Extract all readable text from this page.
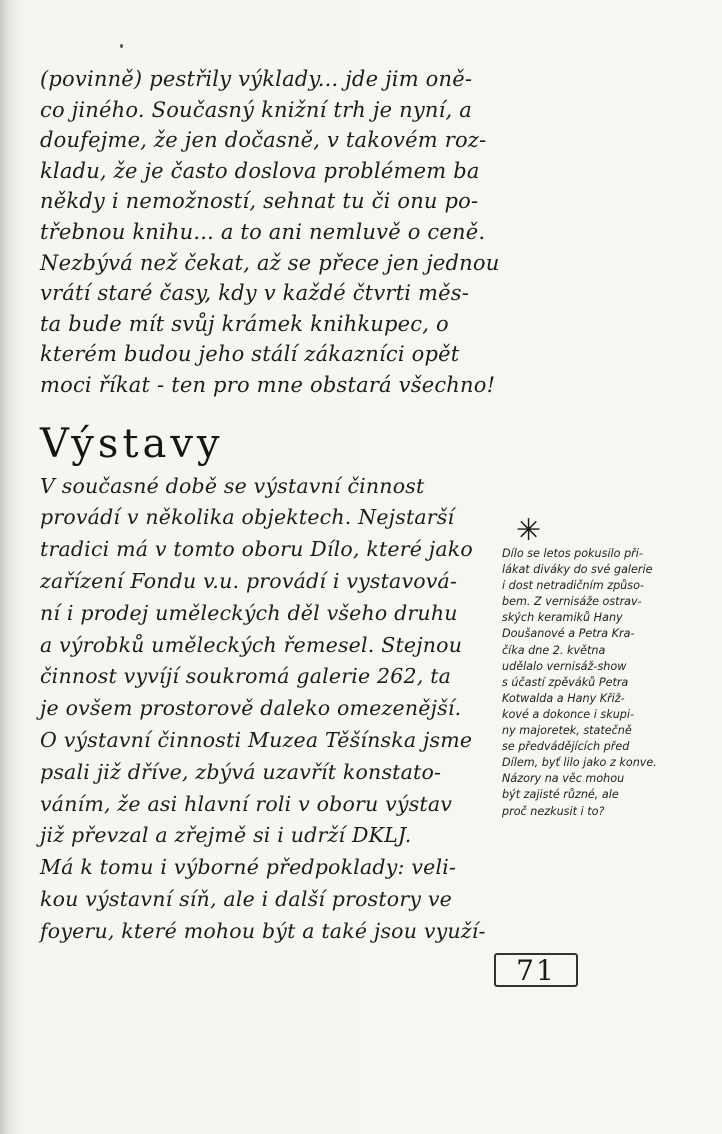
(povinně) pestřily výklady... jde jim oně-
co jiného. Současný knižní trh je nyní, a
doufejme, že jen dočasně, v takovém roz-
kladu, že je často doslova problémem ba
někdy i nemožností, sehnat tu či onu po-
třebnou knihu... a to ani nemluvě o ceně.
Nezbývá než čekat, až se přece jen jednou
vrátí staré časy, kdy v každé čtvrti měs-
ta bude mít svůj krámek knihkupec, o
kterém budou jeho stálí zákazníci opět
moci říkat - ten pro mne obstará všechno!
Výstavy
V současné době se výstavní činnost
provádí v několika objektech. Nejstarší
tradici má v tomto oboru Dílo, které jako
zařízení Fondu v.u. provádí i vystavová-
ní i prodej uměleckých děl všeho druhu
a výrobků uměleckých řemesel. Stejnou
činnost vyvíjí soukromá galerie 262, ta
je ovšem prostorově daleko omezenější.
O výstavní činnosti Muzea Těšínska jsme
psali již dříve, zbývá uzavřít konstato-
váním, že asi hlavní roli v oboru výstav
již převzal a zřejmě si i udrží DKLJ.
Má k tomu i výborné předpoklady: veli-
kou výstavní síň, ale i další prostory ve
foyeru, které mohou být a také jsou využí-
✳
Dílo se letos pokusilo při-
lákat diváky do své galerie
i dost netradičním způso-
bem. Z vernisáže ostrav-
ských keramiků Hany
Doušanové a Petra Kra-
číka dne 2. května
udělalo vernisáž-show
s účastí zpěváků Petra
Kotwalda a Hany Křiž-
kové a dokonce i skupi-
ny majoretek, statečně
se předvádějících před
Dílem, byť lilo jako z konve.
Názory na věc mohou
být zajisté různé, ale
proč nezkusit i to?
71
